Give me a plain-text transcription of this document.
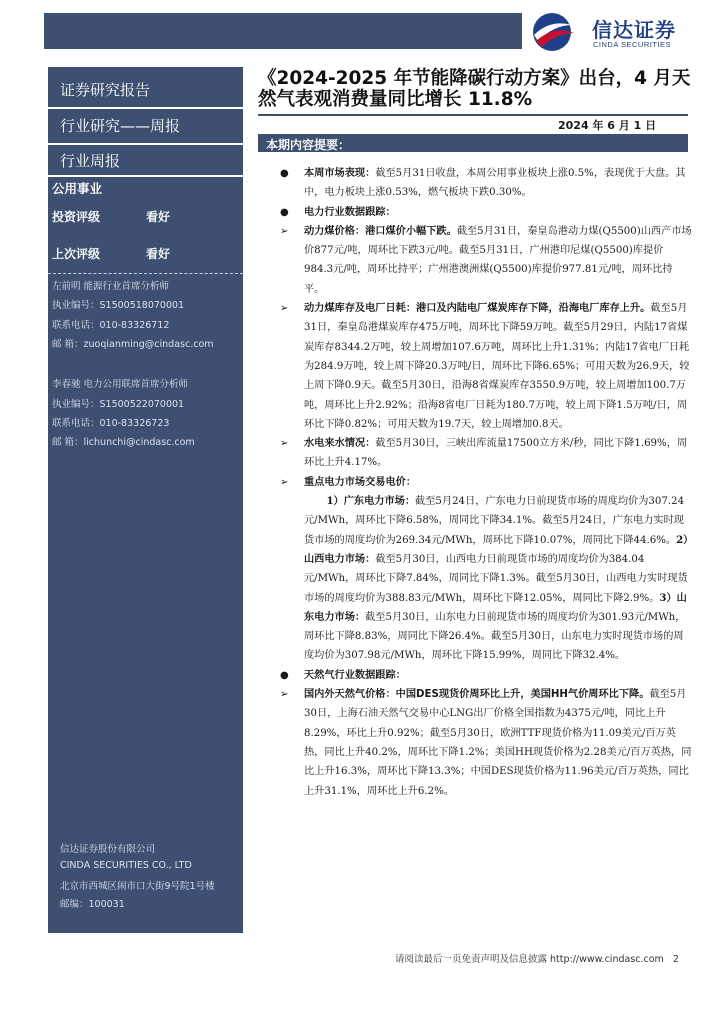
信达证券
CINDA SECURITIES
证券研究报告
行业研究——周报
行业周报
公用事业
投资评级	看好
上次评级	看好
左前明 能源行业首席分析师
执业编号：S1500518070001
联系电话：010-83326712
邮 箱：zuoqianming@cindasc.com
李春驰 电力公用联席首席分析师
执业编号：S1500522070001
联系电话：010-83326723
邮 箱：lichunchi@cindasc.com
信达证券股份有限公司
CINDA SECURITIES CO., LTD
北京市西城区闹市口大街9号院1号楼
邮编：100031
《2024-2025 年节能降碳行动方案》出台，4 月天然气表观消费量同比增长 11.8%
2024 年 6 月 1 日
本期内容提要：

● 本周市场表现：截至5月31日收盘，本周公用事业板块上涨0.5%，表现优于大盘。其中，电力板块上涨0.53%，燃气板块下跌0.30%。

● 电力行业数据跟踪：

➢ 动力煤价格：港口煤价小幅下跌。截至5月31日，秦皇岛港动力煤(Q5500)山西产市场价877元/吨，周环比下跌3元/吨。截至5月31日，广州港印尼煤(Q5500)库提价984.3元/吨，周环比持平；广州港澳洲煤(Q5500)库提价977.81元/吨，周环比持平。

➢ 动力煤库存及电厂日耗：港口及内陆电厂煤炭库存下降，沿海电厂库存上升。截至5月31日，秦皇岛港煤炭库存475万吨，周环比下降59万吨。截至5月29日，内陆17省煤炭库存8344.2万吨，较上周增加107.6万吨，周环比上升1.31%；内陆17省电厂日耗为284.9万吨，较上周下降20.3万吨/日，周环比下降6.65%；可用天数为26.9天，较上周下降0.9天。截至5月30日，沿海8省煤炭库存3550.9万吨，较上周增加100.7万吨，周环比上升2.92%；沿海8省电厂日耗为180.7万吨，较上周下降1.5万吨/日，周环比下降0.82%；可用天数为19.7天，较上周增加0.8天。

➢ 水电来水情况：截至5月30日，三峡出库流量17500立方米/秒，同比下降1.69%，周环比上升4.17%。

➢ 重点电力市场交易电价：

1）广东电力市场：截至5月24日，广东电力日前现货市场的周度均价为307.24元/MWh，周环比下降6.58%，周同比下降34.1%。截至5月24日，广东电力实时现货市场的周度均价为269.34元/MWh，周环比下降10.07%，周同比下降44.6%。2）山西电力市场：截至5月30日，山西电力日前现货市场的周度均价为384.04元/MWh，周环比下降7.84%，周同比下降1.3%。截至5月30日，山西电力实时现货市场的周度均价为388.83元/MWh，周环比下降12.05%，周同比下降2.9%。3）山东电力市场：截至5月30日，山东电力日前现货市场的周度均价为301.93元/MWh，周环比下降8.83%，周同比下降26.4%。截至5月30日，山东电力实时现货市场的周度均价为307.98元/MWh，周环比下降15.99%，周同比下降32.4%。

● 天然气行业数据跟踪：

➢ 国内外天然气价格：中国DES现货价周环比上升，美国HH气价周环比下降。截至5月30日，上海石油天然气交易中心LNG出厂价格全国指数为4375元/吨，同比上升8.29%，环比上升0.92%；截至5月30日，欧洲TTF现货价格为11.09美元/百万英热，同比上升40.2%，周环比下降1.2%；美国HH现货价格为2.28美元/百万英热，同比上升16.3%，周环比下降13.3%；中国DES现货价格为11.96美元/百万英热，同比上升31.1%，周环比上升6.2%。

请阅读最后一页免责声明及信息披露 http://www.cindasc.com 2
